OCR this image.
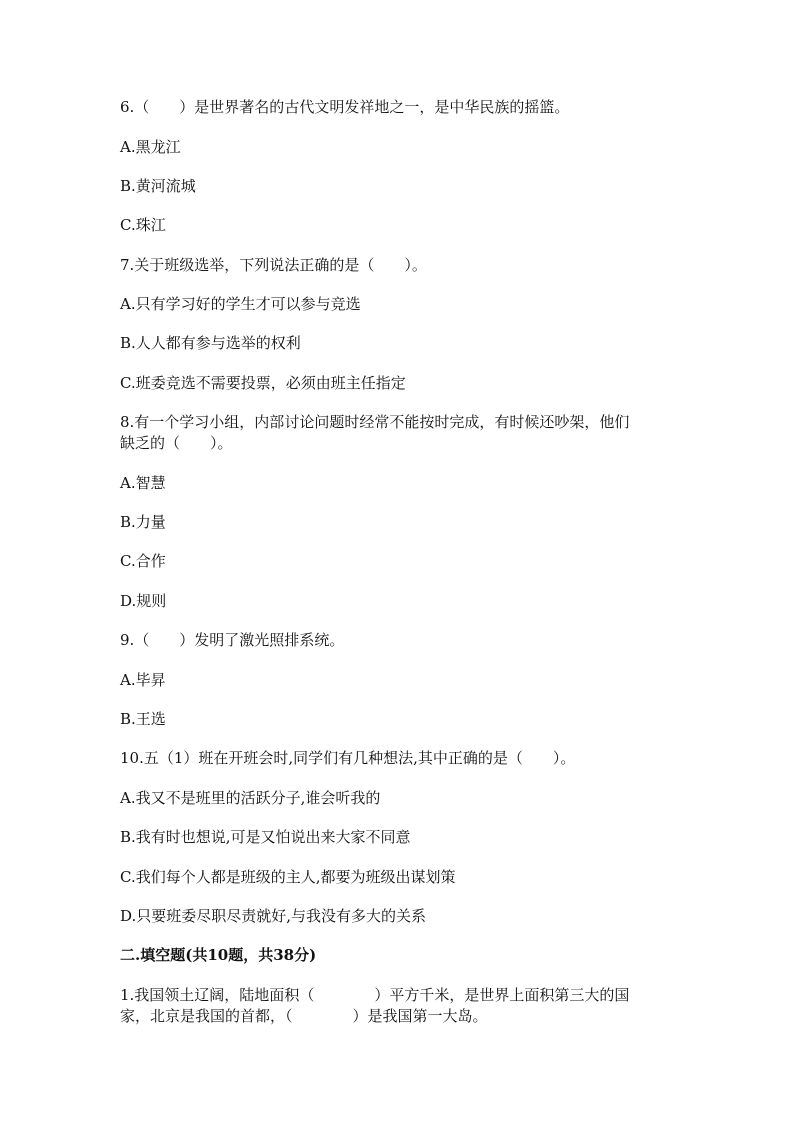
6.（　　）是世界著名的古代文明发祥地之一，是中华民族的摇篮。
A.黑龙江
B.黄河流城
C.珠江
7.关于班级选举，下列说法正确的是（　　）。
A.只有学习好的学生才可以参与竞选
B.人人都有参与选举的权利
C.班委竞选不需要投票，必须由班主任指定
8.有一个学习小组，内部讨论问题时经常不能按时完成，有时候还吵架，他们
缺乏的（　　）。
A.智慧
B.力量
C.合作
D.规则
9.（　　）发明了激光照排系统。
A.毕昇
B.王选
10.五（1）班在开班会时,同学们有几种想法,其中正确的是（　　）。
A.我又不是班里的活跃分子,谁会听我的
B.我有时也想说,可是又怕说出来大家不同意
C.我们每个人都是班级的主人,都要为班级出谋划策
D.只要班委尽职尽责就好,与我没有多大的关系
二.填空题(共10题，共38分)
1.我国领土辽阔，陆地面积（　　　　）平方千米，是世界上面积第三大的国
家，北京是我国的首都，（　　　　）是我国第一大岛。
